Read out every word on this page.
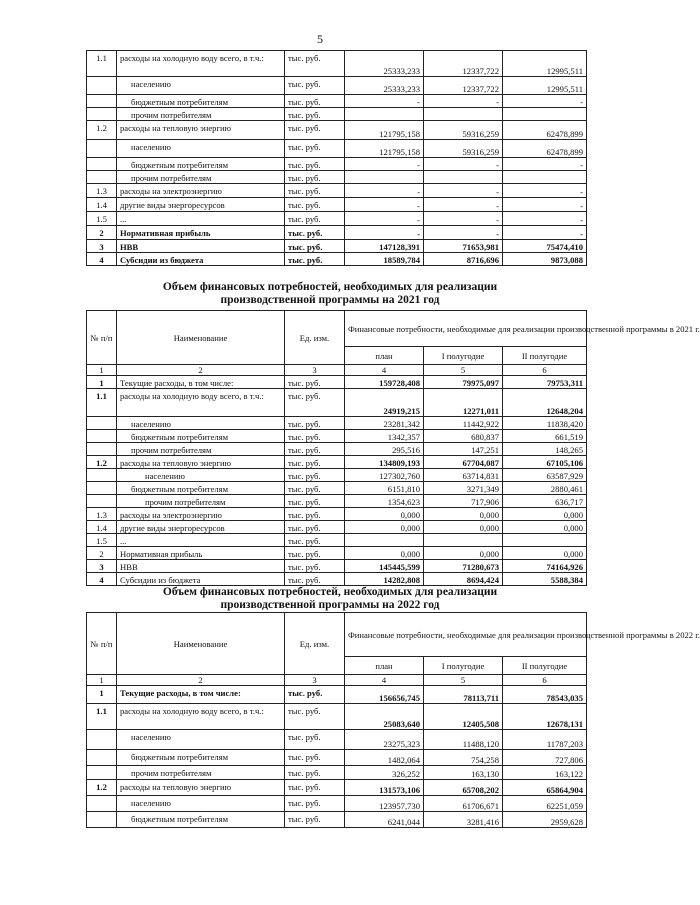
5
1.1	расходы на холодную воду всего, в т.ч.:	тыс. руб.	25333,233	12337,722	12995,511
	населению	тыс. руб.	25333,233	12337,722	12995,511
	бюджетным потребителям	тыс. руб.	-	-	-
	прочим потребителям	тыс. руб.			
1.2	расходы на тепловую энергию	тыс. руб.	121795,158	59316,259	62478,899
	населению	тыс. руб.	121795,158	59316,259	62478,899
	бюджетным потребителям	тыс. руб.	-	-	-
	прочим потребителям	тыс. руб.			
1.3	расходы на электроэнергию	тыс. руб.	-	-	-
1.4	другие виды энергоресурсов	тыс. руб.	-	-	-
1.5	...	тыс. руб.	-	-	-
2	Нормативная прибыль	тыс. руб.	-	-	-
3	НВВ	тыс. руб.	147128,391	71653,981	75474,410
4	Субсидии из бюджета	тыс. руб.	18589,784	8716,696	9873,088
Объем финансовых потребностей, необходимых для реализации
производственной программы на 2021 год
№ п/п	Наименование	Ед. изм.	Финансовые потребности, необходимые для реализации производственной программы в 2021 г.		
			план	I полугодие	II полугодие
1	2	3	4	5	6
1	Текущие расходы, в том числе:	тыс. руб.	159728,408	79975,097	79753,311
1.1	расходы на холодную воду всего, в т.ч.:	тыс. руб.	24919,215	12271,011	12648,204
	населению	тыс. руб.	23281,342	11442,922	11838,420
	бюджетным потребителям	тыс. руб.	1342,357	680,837	661,519
	прочим потребителям	тыс. руб.	295,516	147,251	148,265
1.2	расходы на тепловую энергию	тыс. руб.	134809,193	67704,087	67105,106
	населению	тыс. руб.	127302,760	63714,831	63587,929
	бюджетным потребителям	тыс. руб.	6151,810	3271,349	2880,461
	прочим потребителям	тыс. руб.	1354,623	717,906	636,717
1.3	расходы на электроэнергию	тыс. руб.	0,000	0,000	0,000
1.4	другие виды энергоресурсов	тыс. руб.	0,000	0,000	0,000
1.5	...	тыс. руб.			
2	Нормативная прибыль	тыс. руб.	0,000	0,000	0,000
3	НВВ	тыс. руб.	145445,599	71280,673	74164,926
4	Субсидии из бюджета	тыс. руб.	14282,808	8694,424	5588,384
Объем финансовых потребностей, необходимых для реализации
производственной программы на 2022 год
№ п/п	Наименование	Ед. изм.	Финансовые потребности, необходимые для реализации производственной программы в 2022 г.		
			план	I полугодие	II полугодие
1	2	3	4	5	6
1	Текущие расходы, в том числе:	тыс. руб.	156656,745	78113,711	78543,035
1.1	расходы на холодную воду всего, в т.ч.:	тыс. руб.	25083,640	12405,508	12678,131
	населению	тыс. руб.	23275,323	11488,120	11787,203
	бюджетным потребителям	тыс. руб.	1482,064	754,258	727,806
	прочим потребителям	тыс. руб.	326,252	163,130	163,122
1.2	расходы на тепловую энергию	тыс. руб.	131573,106	65708,202	65864,904
	населению	тыс. руб.	123957,730	61706,671	62251,059
	бюджетным потребителям	тыс. руб.	6241,044	3281,416	2959,628
